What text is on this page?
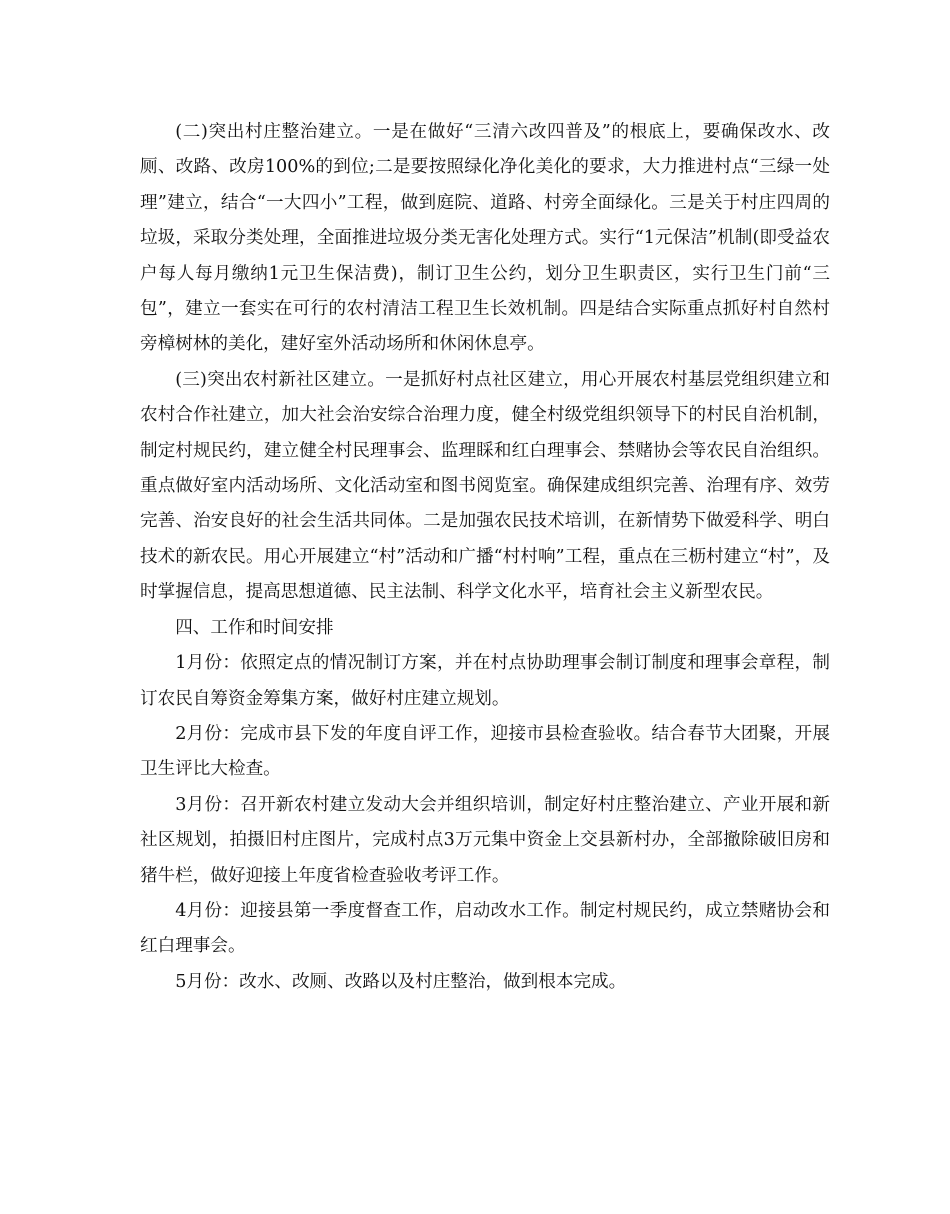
(二)突出村庄整治建立。一是在做好“三清六改四普及”的根底上，要确保改水、改厕、改路、改房100%的到位;二是要按照绿化净化美化的要求，大力推进村点“三绿一处理”建立，结合“一大四小”工程，做到庭院、道路、村旁全面绿化。三是关于村庄四周的垃圾，采取分类处理，全面推进垃圾分类无害化处理方式。实行“1元保洁”机制(即受益农户每人每月缴纳1元卫生保洁费)，制订卫生公约，划分卫生职责区，实行卫生门前“三包”，建立一套实在可行的农村清洁工程卫生长效机制。四是结合实际重点抓好村自然村旁樟树林的美化，建好室外活动场所和休闲休息亭。

(三)突出农村新社区建立。一是抓好村点社区建立，用心开展农村基层党组织建立和农村合作社建立，加大社会治安综合治理力度，健全村级党组织领导下的村民自治机制，制定村规民约，建立健全村民理事会、监理睬和红白理事会、禁赌协会等农民自治组织。重点做好室内活动场所、文化活动室和图书阅览室。确保建成组织完善、治理有序、效劳完善、治安良好的社会生活共同体。二是加强农民技术培训，在新情势下做爱科学、明白技术的新农民。用心开展建立“村”活动和广播“村村响”工程，重点在三枥村建立“村”，及时掌握信息，提高思想道德、民主法制、科学文化水平，培育社会主义新型农民。

四、工作和时间安排

1月份：依照定点的情况制订方案，并在村点协助理事会制订制度和理事会章程，制订农民自筹资金筹集方案，做好村庄建立规划。

2月份：完成市县下发的年度自评工作，迎接市县检查验收。结合春节大团聚，开展卫生评比大检查。

3月份：召开新农村建立发动大会并组织培训，制定好村庄整治建立、产业开展和新社区规划，拍摄旧村庄图片，完成村点3万元集中资金上交县新村办，全部撤除破旧房和猪牛栏，做好迎接上年度省检查验收考评工作。

4月份：迎接县第一季度督查工作，启动改水工作。制定村规民约，成立禁赌协会和红白理事会。

5月份：改水、改厕、改路以及村庄整治，做到根本完成。
